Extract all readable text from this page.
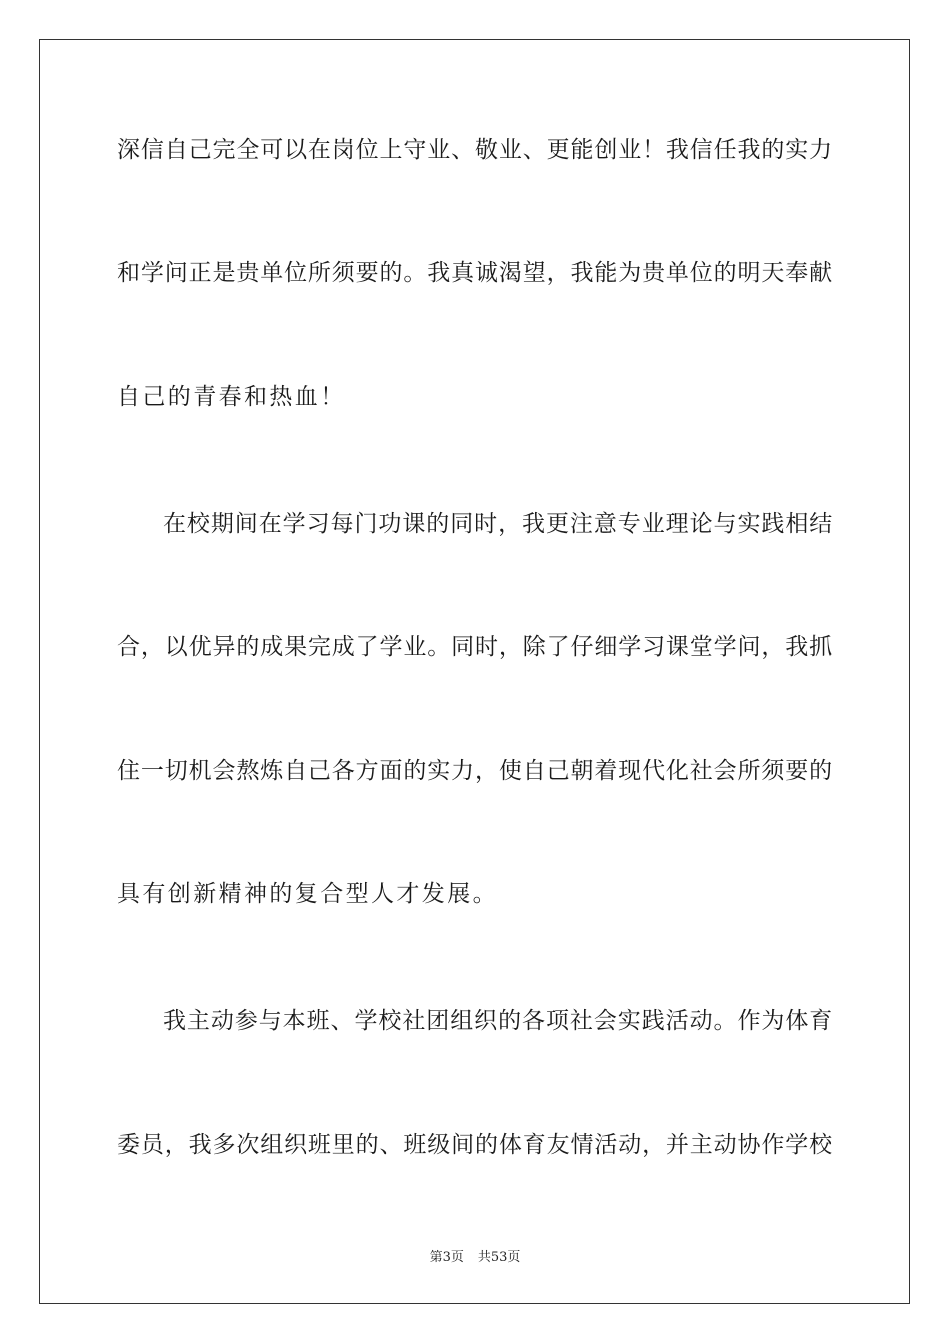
深信自己完全可以在岗位上守业、敬业、更能创业！我信任我的实力
和学问正是贵单位所须要的。我真诚渴望，我能为贵单位的明天奉献
自己的青春和热血！
在校期间在学习每门功课的同时，我更注意专业理论与实践相结
合，以优异的成果完成了学业。同时，除了仔细学习课堂学问，我抓
住一切机会熬炼自己各方面的实力，使自己朝着现代化社会所须要的
具有创新精神的复合型人才发展。
我主动参与本班、学校社团组织的各项社会实践活动。作为体育
委员，我多次组织班里的、班级间的体育友情活动，并主动协作学校
第3页 共53页
